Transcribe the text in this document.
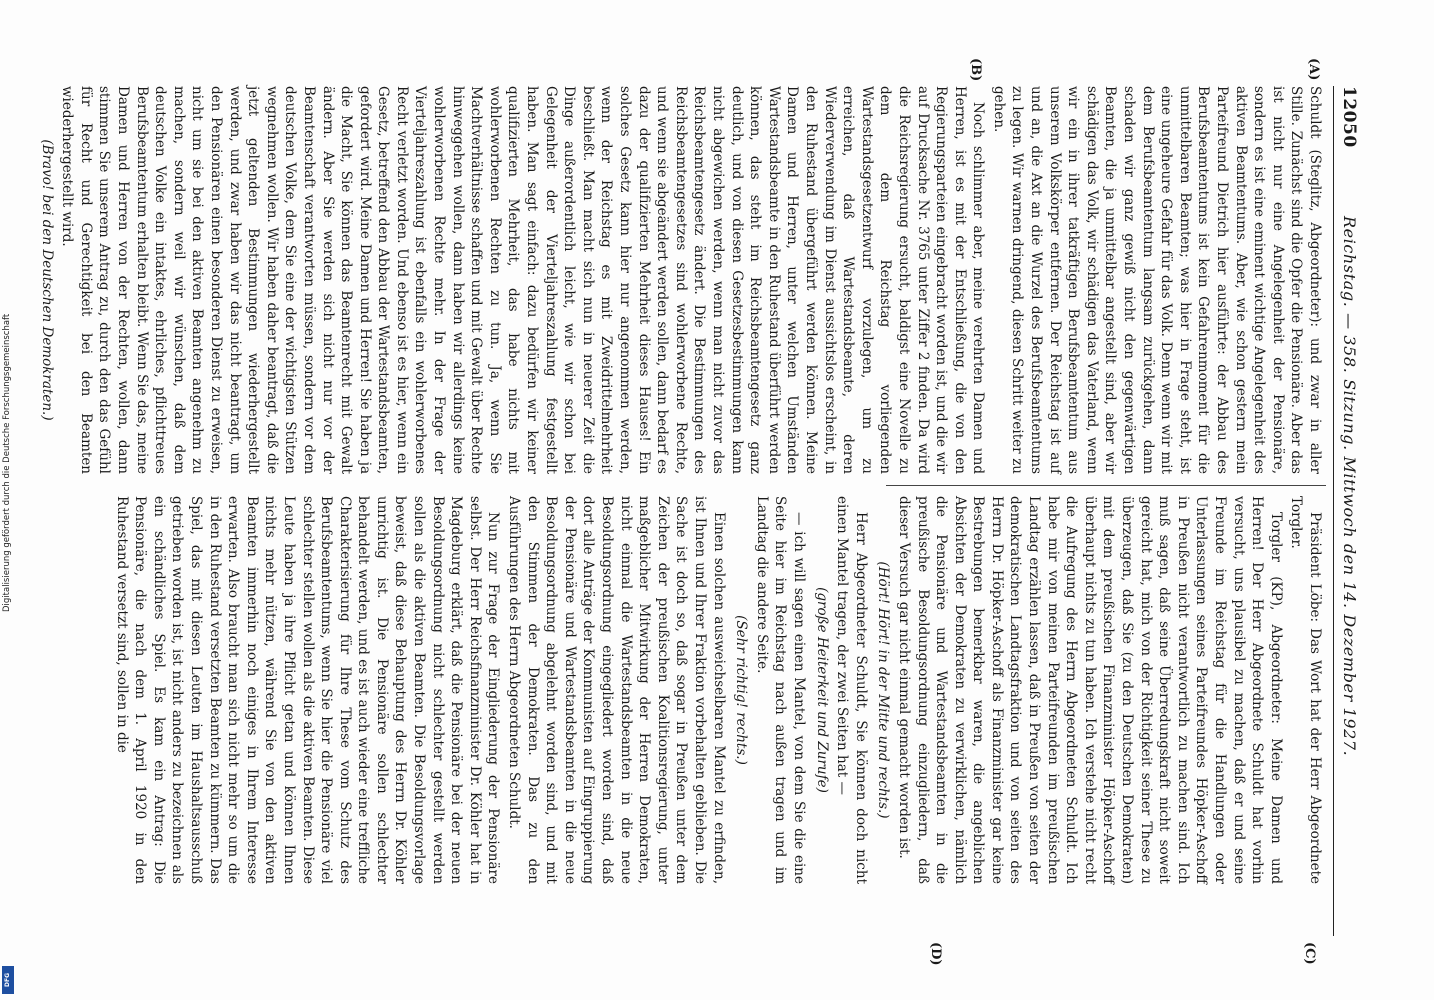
12050
Reichstag. — 358. Sitzung. Mittwoch den 14. Dezember 1927.
(A)
(B)
(C)
(D)

Schuldt (Steglitz, Abgeordneter): und zwar in aller Stille. Zunächst sind die Opfer die Pensionäre. Aber das ist nicht nur eine Angelegenheit der Pensionäre, sondern es ist eine eminent wichtige Angelegenheit des aktiven Beamtentums. Aber, wie schon gestern mein Parteifreund Dietrich hier ausführte: der Abbau des Berufsbeamtentums ist kein Gefahrenmoment für die unmittelbaren Beamten; was hier in Frage steht, ist eine ungeheure Gefahr für das Volk. Denn wenn wir mit dem Berufsbeamtentum langsam zurückgehen, dann schaden wir ganz gewiß nicht den gegenwärtigen Beamten, die ja unmittelbar angestellt sind, aber wir schädigen das Volk, wir schädigen das Vaterland, wenn wir ein in ihrer tatkräftigen Berufsbeamtentum aus unserem Volkskörper entfernen. Der Reichstag ist auf und an, die Axt an die Wurzel des Berufsbeamtentums zu legen. Wir warnen dringend, diesen Schritt weiter zu gehen.

Noch schlimmer aber, meine verehrten Damen und Herren, ist es mit der Entschließung, die von den Regierungsparteien eingebracht worden ist, und die wir auf Drucksache Nr. 3765 unter Ziffer 2 finden. Da wird die Reichsregierung ersucht, baldigst eine Novelle zu dem dem Reichstag vorliegenden Wartestandsgesetzentwurf vorzulegen, um zu erreichen, daß Wartestandsbeamte, deren Wiederverwendung im Dienst aussichtslos erscheint, in den Ruhestand übergeführt werden können. Meine Damen und Herren, unter welchen Umständen Wartestandsbeamte in den Ruhestand überführt werden können, das steht im Reichsbeamtengesetz ganz deutlich, und von diesen Gesetzesbestimmungen kann nicht abgewichen werden, wenn man nicht zuvor das Reichsbeamtengesetz ändert. Die Bestimmungen des Reichsbeamtengesetzes sind wohlerworbene Rechte, und wenn sie abgeändert werden sollen, dann bedarf es dazu der qualifizierten Mehrheit dieses Hauses! Ein solches Gesetz kann hier nur angenommen werden, wenn der Reichstag es mit Zweidrittelmehrheit beschließt. Man macht sich nun in neuerer Zeit die Dinge außerordentlich leicht, wie wir schon bei Gelegenheit der Vierteljahreszahlung festgestellt haben. Man sagt einfach: dazu bedürfen wir keiner qualifizierten Mehrheit, das habe nichts mit wohlerworbenen Rechten zu tun. Ja, wenn Sie Machtverhältnisse schaffen und mit Gewalt über Rechte hinweggehen wollen, dann haben wir allerdings keine wohlerworbenen Rechte mehr. In der Frage der Vierteljahreszahlung ist ebenfalls ein wohlerworbenes Recht verletzt worden. Und ebenso ist es hier, wenn ein Gesetz, betreffend den Abbau der Wartestandsbeamten, gefordert wird. Meine Damen und Herren! Sie haben ja die Macht, Sie können das Beamtenrecht mit Gewalt ändern. Aber Sie werden sich nicht nur vor der Beamtenschaft verantworten müssen, sondern vor dem deutschen Volke, dem Sie eine der wichtigsten Stützen wegnehmen wollen. Wir haben daher beantragt, daß die jetzt geltenden Bestimmungen wiederhergestellt werden, und zwar haben wir das nicht beantragt, um den Pensionären einen besonderen Dienst zu erweisen, nicht um sie bei den aktiven Beamten angenehm zu machen, sondern weil wir wünschen, daß dem deutschen Volke ein intaktes, ehrliches, pflichttreues Berufsbeamtentum erhalten bleibt. Wenn Sie das, meine Damen und Herren von der Rechten, wollen, dann stimmen Sie unserem Antrag zu, durch den das Gefühl für Recht und Gerechtigkeit bei den Beamten wiederhergestellt wird.

(Bravo! bei den Deutschen Demokraten.)

Präsident Löbe: Das Wort hat der Herr Abgeordnete Torgler.

Torgler (KP), Abgeordneter: Meine Damen und Herren! Der Herr Abgeordnete Schuldt hat vorhin versucht, uns plausibel zu machen, daß er und seine Freunde im Reichstag für die Handlungen oder Unterlassungen seines Parteifreundes Höpker-Aschoff in Preußen nicht verantwortlich zu machen sind. Ich muß sagen, daß seine Überredungskraft nicht soweit gereicht hat, mich von der Richtigkeit seiner These zu überzeugen, daß Sie (zu den Deutschen Demokraten) mit dem preußischen Finanzminister Höpker-Aschoff überhaupt nichts zu tun haben. Ich verstehe nicht recht die Aufregung des Herrn Abgeordneten Schuldt. Ich habe mir von meinen Parteifreunden im preußischen Landtag erzählen lassen, daß in Preußen von seiten der demokratischen Landtagsfraktion und von seiten des Herrn Dr. Höpker-Aschoff als Finanzminister gar keine Bestrebungen bemerkbar waren, die angeblichen Absichten der Demokraten zu verwirklichen, nämlich die Pensionäre und Wartestandsbeamten in die preußische Besoldungsordnung einzugliedern, daß dieser Versuch gar nicht einmal gemacht worden ist.

(Hört! Hört! in der Mitte und rechts.)

Herr Abgeordneter Schuldt, Sie können doch nicht einen Mantel tragen, der zwei Seiten hat —

(große Heiterkeit und Zurufe)

— ich will sagen einen Mantel, von dem Sie die eine Seite hier im Reichstag nach außen tragen und im Landtag die andere Seite.

(Sehr richtig! rechts.)

Einen solchen ausweichselbaren Mantel zu erfinden, ist Ihnen und Ihrer Fraktion vorbehalten geblieben. Die Sache ist doch so, daß sogar in Preußen unter dem Zeichen der preußischen Koalitionsregierung, unter maßgeblicher Mitwirkung der Herren Demokraten, nicht einmal die Wartestandsbeamten in die neue Besoldungsordnung eingegliedert worden sind, daß dort alle Anträge der Kommunisten auf Eingruppierung der Pensionäre und Wartestandsbeamten in die neue Besoldungsordnung abgelehnt worden sind, und mit den Stimmen der Demokraten. Das zu den Ausführungen des Herrn Abgeordneten Schuldt.

Nun zur Frage der Eingliederung der Pensionäre selbst. Der Herr Reichsfinanzminister Dr. Köhler hat in Magdeburg erklärt, daß die Pensionäre bei der neuen Besoldungsordnung nicht schlechter gestellt werden sollen als die aktiven Beamten. Die Besoldungsvorlage beweist, daß diese Behauptung des Herrn Dr. Köhler unrichtig ist. Die Pensionäre sollen schlechter behandelt werden, und es ist auch wieder eine treffliche Charakterisierung für Ihre These vom Schutz des Berufsbeamtentums, wenn Sie hier die Pensionäre viel schlechter stellen wollen als die aktiven Beamten. Diese Leute haben ja ihre Pflicht getan und können Ihnen nichts mehr nützen, während Sie von den aktiven Beamten immerhin noch einiges in Ihrem Interesse erwarten. Also braucht man sich nicht mehr so um die in den Ruhestand versetzten Beamten zu kümmern. Das Spiel, das mit diesen Leuten im Haushaltsausschuß getrieben worden ist, ist nicht anders zu bezeichnen als ein schändliches Spiel. Es kam ein Antrag: Die Pensionäre, die nach dem 1. April 1920 in den Ruhestand versetzt sind, sollen in die

Digitalisierung gefördert durch die Deutsche Forschungsgemeinschaft
DFG
